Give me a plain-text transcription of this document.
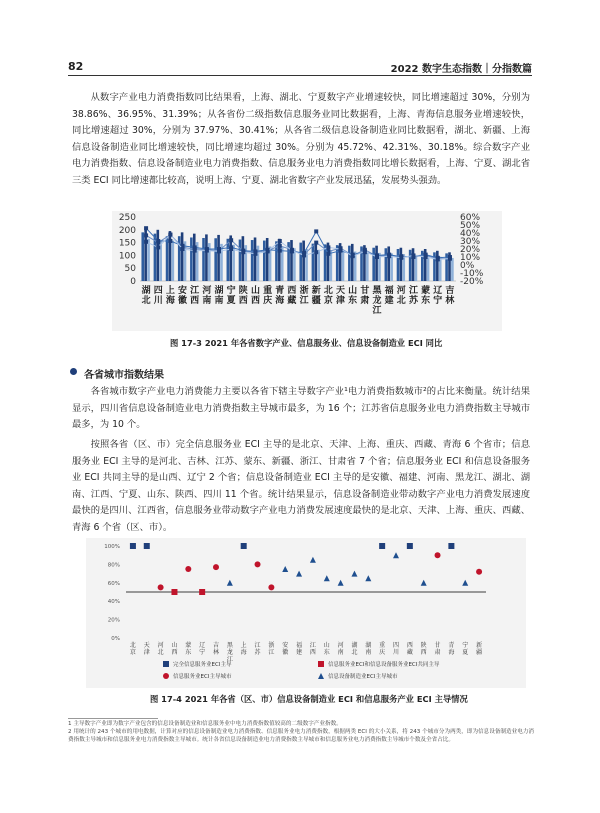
82	2022 数字生态指数｜分指数篇

从数字产业电力消费指数同比结果看，上海、湖北、宁夏数字产业增速较快，同比增速超过 30%，分别为 38.86%、36.95%、31.39%；从各省份二级指数信息服务业同比数据看，上海、青海信息服务业增速较快，同比增速超过 30%，分别为 37.97%、30.41%；从各省二级信息设备制造业同比数据看，湖北、新疆、上海信息设备制造业同比增速较快，同比增速均超过 30%。分别为 45.72%、42.31%、30.18%。综合数字产业电力消费指数、信息设备制造业电力消费指数、信息服务业电力消费指数同比增长数据看，上海、宁夏、湖北省三类 ECI 同比增速都比较高，说明上海、宁夏、湖北省数字产业发展迅猛，发展势头强劲。

250
200
150
100
50
0
60%
50%
40%
30%
20%
10%
0%
-10%
-20%
湖
北
四
川
上
海
安
徽
江
西
河
南
湖
南
宁
夏
陕
西
山
西
重
庆
青
海
西
藏
浙
江
新
疆
北
京
天
津
山
东
甘
肃
黑
龙
江
福
建
河
北
江
苏
蒙
东
辽
宁
吉
林
图 17-3 2021 年各省数字产业、信息服务业、信息设备制造业 ECI 同比
各省城市指数结果

各省城市数字产业电力消费能力主要以各省下辖主导数字产业¹电力消费指数城市²的占比来衡量。统计结果显示，四川省信息设备制造业电力消费指数主导城市最多，为 16 个；江苏省信息服务业电力消费指数主导城市最多，为 10 个。

按照各省（区、市）完全信息服务业 ECI 主导的是北京、天津、上海、重庆、西藏、青海 6 个省市；信息服务业 ECI 主导的是河北、吉林、江苏、蒙东、新疆、浙江、甘肃省 7 个省；信息服务业 ECI 和信息设备服务业 ECI 共同主导的是山西、辽宁 2 个省；信息设备制造业 ECI 主导的是安徽、福建、河南、黑龙江、湖北、湖南、江西、宁夏、山东、陕西、四川 11 个省。统计结果显示，信息设备制造业带动数字产业电力消费发展速度最快的是四川、江西省，信息服务业带动数字产业电力消费发展速度最快的是北京、天津、上海、重庆、西藏、青海 6 个省（区、市）。

100%
80%
60%
40%
20%
0%
北
京
天
津
河
北
山
西
蒙
东
辽
宁
吉
林
黑
龙
江
上
海
江
苏
浙
江
安
徽
福
建
江
西
山
东
河
南
湖
北
湖
南
重
庆
四
川
西
藏
陕
西
甘
肃
青
海
宁
夏
新
疆
完全信息服务业ECI主导	信息服务业ECI和信息设备服务业ECI共同主导
信息服务业ECI主导城市	信息设备制造业ECI主导城市
图 17-4 2021 年各省（区、市）信息设备制造业 ECI 和信息服务产业 ECI 主导情况

1 主导数字产业即为数字产业包含的信息设备制造业和信息服务业中电力消费指数值较高的二级数字产业指数。

2 用统计的 243 个城市的用电数据，计算对应的信息设备制造业电力消费指数、信息服务业电力消费指数，根据两类 ECI 的大小关系，将 243 个城市分为两类，即为信息设备制造业电力消费指数主导城市和信息服务业电力消费指数主导城市。统计各省信息设备制造业电力消费指数主导城市和信息服务业电力消费指数主导城市个数及全省占比。
